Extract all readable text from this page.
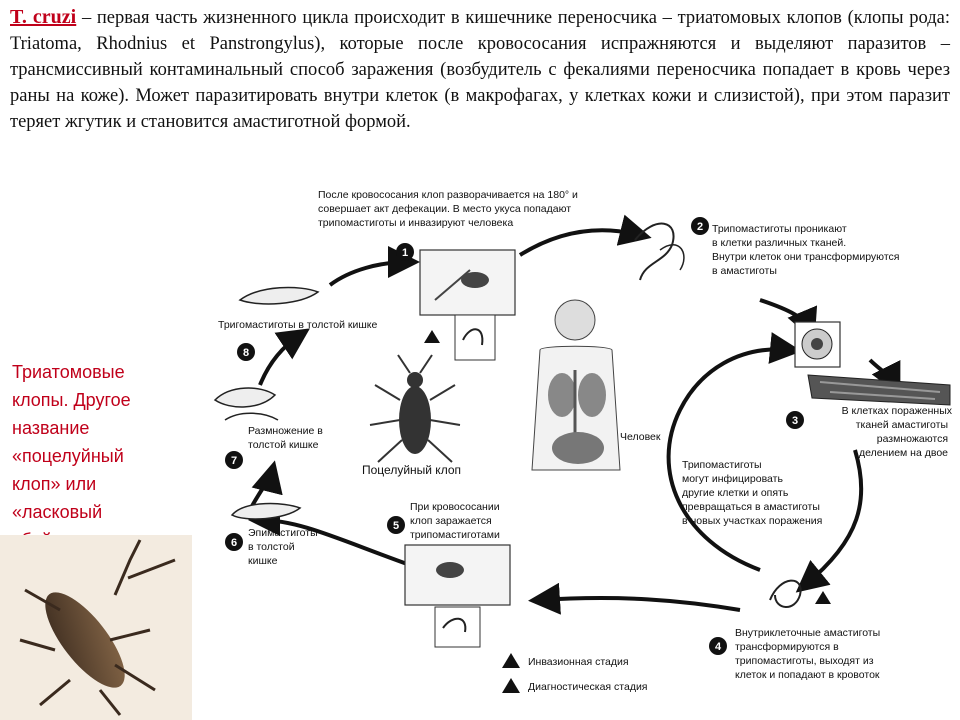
T. cruzi – первая часть жизненного цикла происходит в кишечнике переносчика – триатомовых клопов (клопы рода: Triatoma, Rhodnius et Panstrongylus), которые после кровососания испражняются и выделяют паразитов – трансмиссивный контаминальный способ заражения (возбудитель с фекалиями переносчика попадает в кровь через раны на коже). Может паразитировать внутри клеток (в макрофагах, у клетках кожи и слизистой), при этом паразит теряет жгутик и становится амастиготной формой.

Триатомовые
клопы. Другое
название
«поцелуйный
клоп» или
«ласковый
После кровососания клоп разворачивается на 180° и
совершает акт дефекации. В место укуса попадают
трипомастиготы и инвазируют человека
1
и
2 Трипомастиготы проникают
в клетки различных тканей.
Внутри клеток они трансформируются
в амастиготы
3
В клетках пораженных
тканей амастиготы
размножаются
делением на двое
Трипомастиготы
могут инфицировать
другие клетки и опять
превращаться в амастиготы
в новых участках поражения
д
4
Внутриклеточные амастиготы
трансформируются в
трипомастиготы, выходят из
клеток и попадают в кровоток
5
При кровососании
клоп заражается
трипомастиготами
6
Эпимастиготы
в толстой
кишке
7
Размножение в
толстой кишке
Тригомастиготы в толстой кишке
8
Поцелуйный клоп
Человек
и Инвазионная стадия
д Диагностическая стадия
